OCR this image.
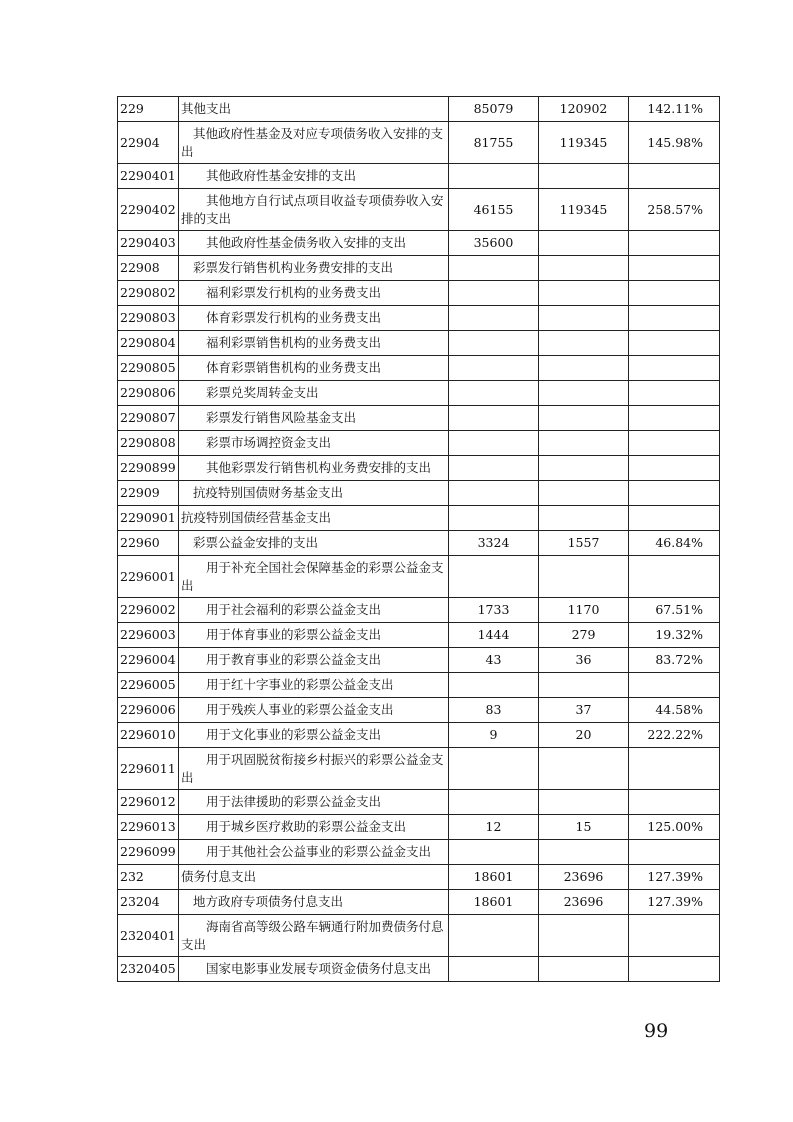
229	其他支出	85079	120902	142.11%
22904	其他政府性基金及对应专项债务收入安排的支出	81755	119345	145.98%
2290401	其他政府性基金安排的支出			
2290402	其他地方自行试点项目收益专项债券收入安排的支出	46155	119345	258.57%
2290403	其他政府性基金债务收入安排的支出	35600		
22908	彩票发行销售机构业务费安排的支出			
2290802	福利彩票发行机构的业务费支出			
2290803	体育彩票发行机构的业务费支出			
2290804	福利彩票销售机构的业务费支出			
2290805	体育彩票销售机构的业务费支出			
2290806	彩票兑奖周转金支出			
2290807	彩票发行销售风险基金支出			
2290808	彩票市场调控资金支出			
2290899	其他彩票发行销售机构业务费安排的支出			
22909	抗疫特别国债财务基金支出			
2290901	抗疫特别国债经营基金支出			
22960	彩票公益金安排的支出	3324	1557	46.84%
2296001	用于补充全国社会保障基金的彩票公益金支出			
2296002	用于社会福利的彩票公益金支出	1733	1170	67.51%
2296003	用于体育事业的彩票公益金支出	1444	279	19.32%
2296004	用于教育事业的彩票公益金支出	43	36	83.72%
2296005	用于红十字事业的彩票公益金支出			
2296006	用于残疾人事业的彩票公益金支出	83	37	44.58%
2296010	用于文化事业的彩票公益金支出	9	20	222.22%
2296011	用于巩固脱贫衔接乡村振兴的彩票公益金支出			
2296012	用于法律援助的彩票公益金支出			
2296013	用于城乡医疗救助的彩票公益金支出	12	15	125.00%
2296099	用于其他社会公益事业的彩票公益金支出			
232	债务付息支出	18601	23696	127.39%
23204	地方政府专项债务付息支出	18601	23696	127.39%
2320401	海南省高等级公路车辆通行附加费债务付息支出			
2320405	国家电影事业发展专项资金债务付息支出			
99
